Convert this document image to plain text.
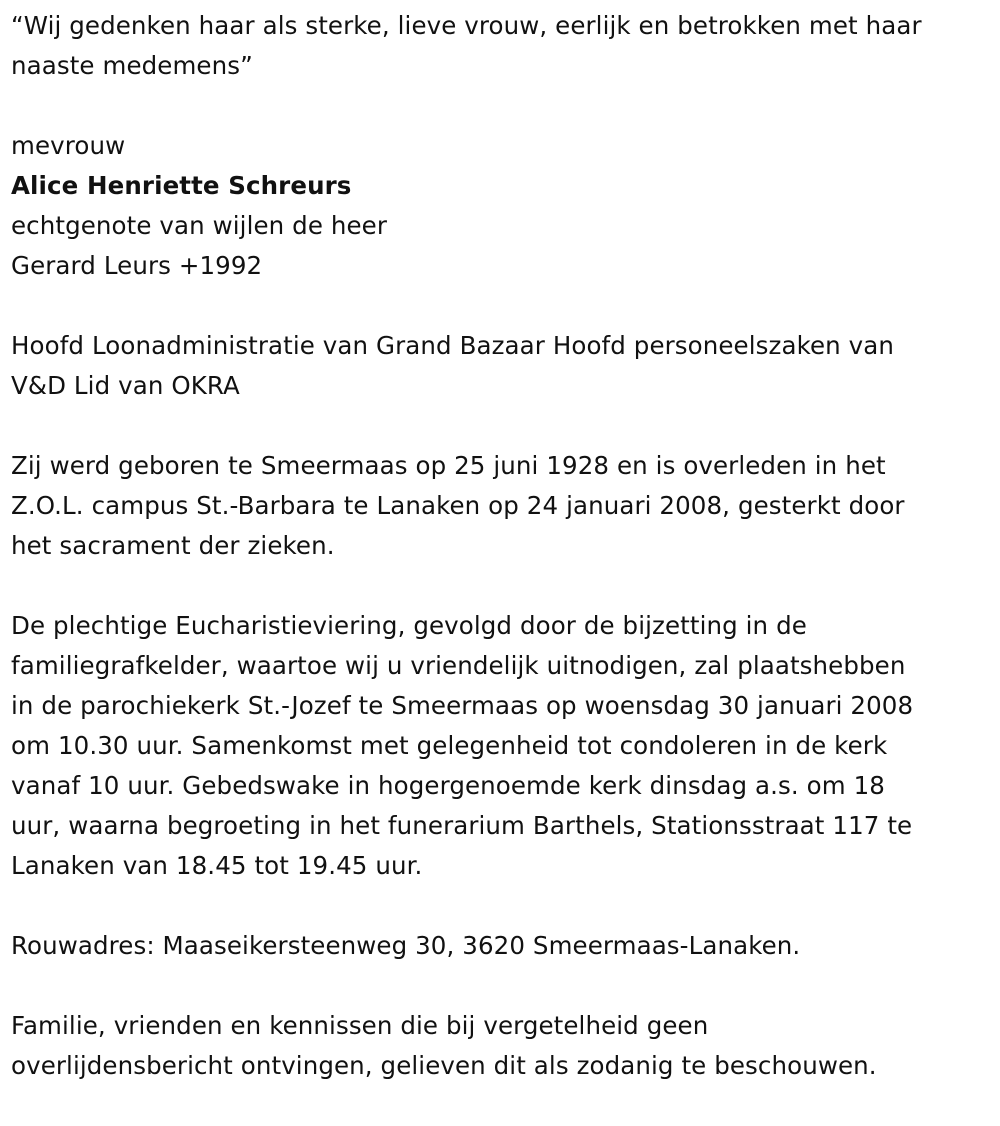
“Wij gedenken haar als sterke, lieve vrouw, eerlijk en betrokken met haar
naaste medemens”

mevrouw
Alice Henriette Schreurs
echtgenote van wijlen de heer
Gerard Leurs +1992

Hoofd Loonadministratie van Grand Bazaar Hoofd personeelszaken van
V&D Lid van OKRA

Zij werd geboren te Smeermaas op 25 juni 1928 en is overleden in het
Z.O.L. campus St.-Barbara te Lanaken op 24 januari 2008, gesterkt door
het sacrament der zieken.

De plechtige Eucharistieviering, gevolgd door de bijzetting in de
familiegrafkelder, waartoe wij u vriendelijk uitnodigen, zal plaatshebben
in de parochiekerk St.-Jozef te Smeermaas op woensdag 30 januari 2008
om 10.30 uur. Samenkomst met gelegenheid tot condoleren in de kerk
vanaf 10 uur. Gebedswake in hogergenoemde kerk dinsdag a.s. om 18
uur, waarna begroeting in het funerarium Barthels, Stationsstraat 117 te
Lanaken van 18.45 tot 19.45 uur.

Rouwadres: Maaseikersteenweg 30, 3620 Smeermaas-Lanaken.

Familie, vrienden en kennissen die bij vergetelheid geen
overlijdensbericht ontvingen, gelieven dit als zodanig te beschouwen.
